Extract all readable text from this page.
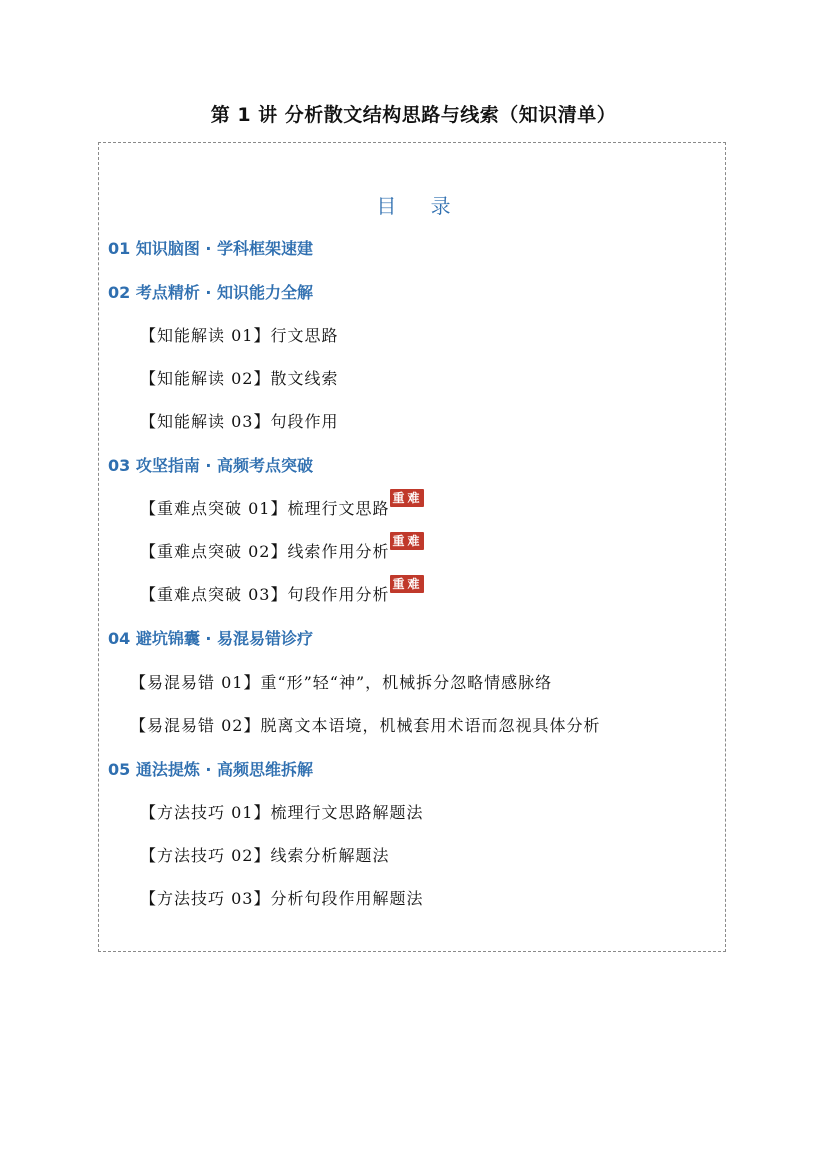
第 1 讲 分析散文结构思路与线索（知识清单）
目 录
01 知识脑图 · 学科框架速建
02 考点精析 · 知识能力全解
【知能解读 01】行文思路
【知能解读 02】散文线索
【知能解读 03】句段作用
03 攻坚指南 · 高频考点突破
【重难点突破 01】梳理行文思路重难
【重难点突破 02】线索作用分析重难
【重难点突破 03】句段作用分析重难
04 避坑锦囊 · 易混易错诊疗
【易混易错 01】重“形”轻“神”，机械拆分忽略情感脉络
【易混易错 02】脱离文本语境，机械套用术语而忽视具体分析
05 通法提炼 · 高频思维拆解
【方法技巧 01】梳理行文思路解题法
【方法技巧 02】线索分析解题法
【方法技巧 03】分析句段作用解题法
